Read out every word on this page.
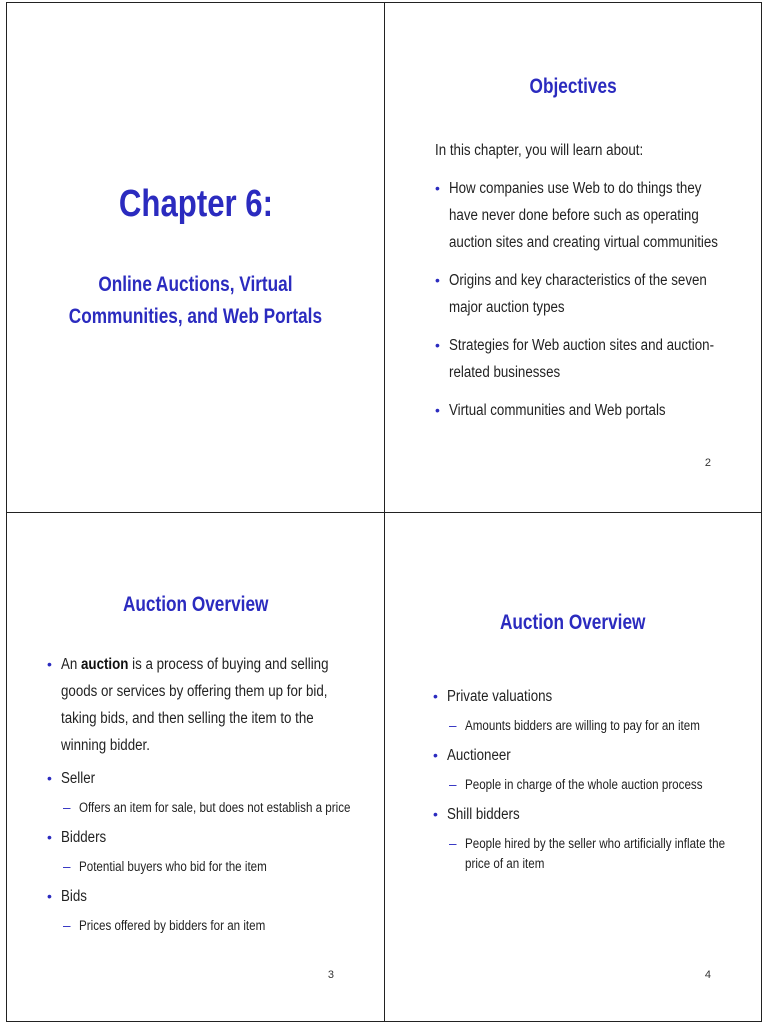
Chapter 6:
Online Auctions, Virtual
Communities, and Web Portals
Objectives

In this chapter, you will learn about:

• How companies use Web to do things they
have never done before such as operating
auction sites and creating virtual communities
• Origins and key characteristics of the seven
major auction types
• Strategies for Web auction sites and auction-
related businesses
• Virtual communities and Web portals
2
Auction Overview
• An auction is a process of buying and selling
goods or services by offering them up for bid,
taking bids, and then selling the item to the
winning bidder.
• Seller
– Offers an item for sale, but does not establish a price
• Bidders
– Potential buyers who bid for the item
• Bids
– Prices offered by bidders for an item
3
Auction Overview
• Private valuations
– Amounts bidders are willing to pay for an item
• Auctioneer
– People in charge of the whole auction process
• Shill bidders
– People hired by the seller who artificially inflate the
price of an item
4
